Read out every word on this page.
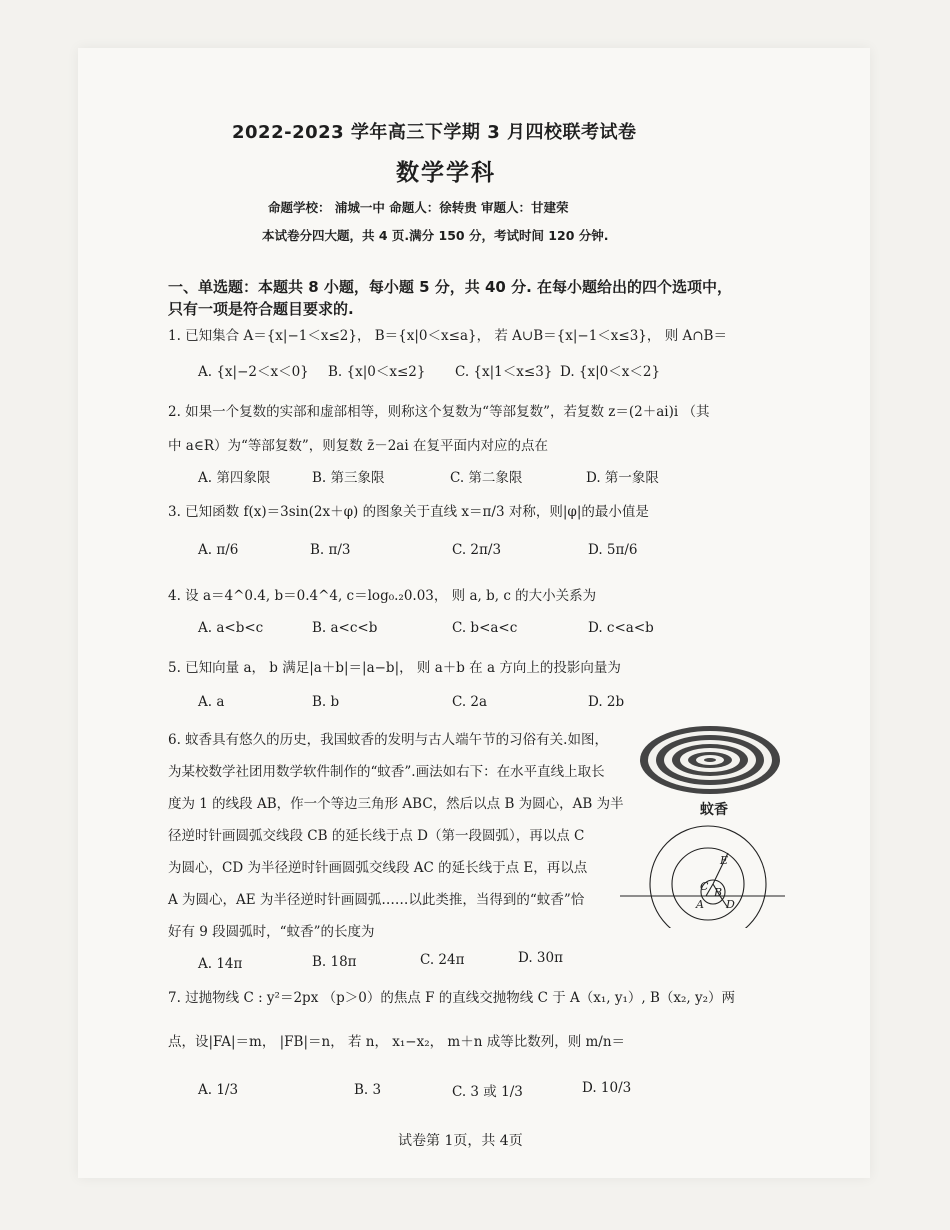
2022-2023 学年高三下学期 3 月四校联考试卷
数学学科
命题学校： 浦城一中 命题人：徐转贵 审题人：甘建荣
本试卷分四大题，共 4 页.满分 150 分，考试时间 120 分钟.
一、单选题：本题共 8 小题，每小题 5 分，共 40 分. 在每小题给出的四个选项中，
只有一项是符合题目要求的.
1. 已知集合 A＝{x|−1＜x≤2}， B＝{x|0＜x≤a}， 若 A∪B＝{x|−1＜x≤3}， 则 A∩B＝
A. {x|−2＜x＜0} B. {x|0＜x≤2} C. {x|1＜x≤3} D. {x|0＜x＜2}
2. 如果一个复数的实部和虚部相等，则称这个复数为“等部复数”，若复数 z＝(2＋ai)i （其
中 a∈R）为“等部复数”，则复数 z̄－2ai 在复平面内对应的点在
A. 第四象限	B. 第三象限	C. 第二象限	D. 第一象限
3. 已知函数 f(x)＝3sin(2x＋φ) 的图象关于直线 x＝π/3 对称，则|φ|的最小值是
A. π/6	B. π/3	C. 2π/3	D. 5π/6
4. 设 a＝4^0.4, b＝0.4^4, c＝log₀.₂0.03， 则 a, b, c 的大小关系为
A. a<b<c	B. a<c<b	C. b<a<c	D. c<a<b
5. 已知向量 a， b 满足|a＋b|＝|a−b|， 则 a＋b 在 a 方向上的投影向量为
A. a	B. b	C. 2a	D. 2b
6. 蚊香具有悠久的历史，我国蚊香的发明与古人端午节的习俗有关.如图，
为某校数学社团用数学软件制作的“蚊香”.画法如右下：在水平直线上取长
度为 1 的线段 AB，作一个等边三角形 ABC，然后以点 B 为圆心，AB 为半
径逆时针画圆弧交线段 CB 的延长线于点 D（第一段圆弧），再以点 C
为圆心，CD 为半径逆时针画圆弧交线段 AC 的延长线于点 E，再以点
A 为圆心，AE 为半径逆时针画圆弧……以此类推，当得到的“蚊香”恰
好有 9 段圆弧时，“蚊香”的长度为
A. 14π	B. 18π	C. 24π	D. 30π
蚊香
E
C B
A D
7. 过抛物线 C : y²＝2px （p＞0）的焦点 F 的直线交抛物线 C 于 A（x₁, y₁）, B（x₂, y₂）两
点，设|FA|＝m， |FB|＝n， 若 n， x₁−x₂， m＋n 成等比数列，则 m/n＝
A. 1/3	B. 3	C. 3 或 1/3	D. 10/3
试卷第 1页，共 4页
